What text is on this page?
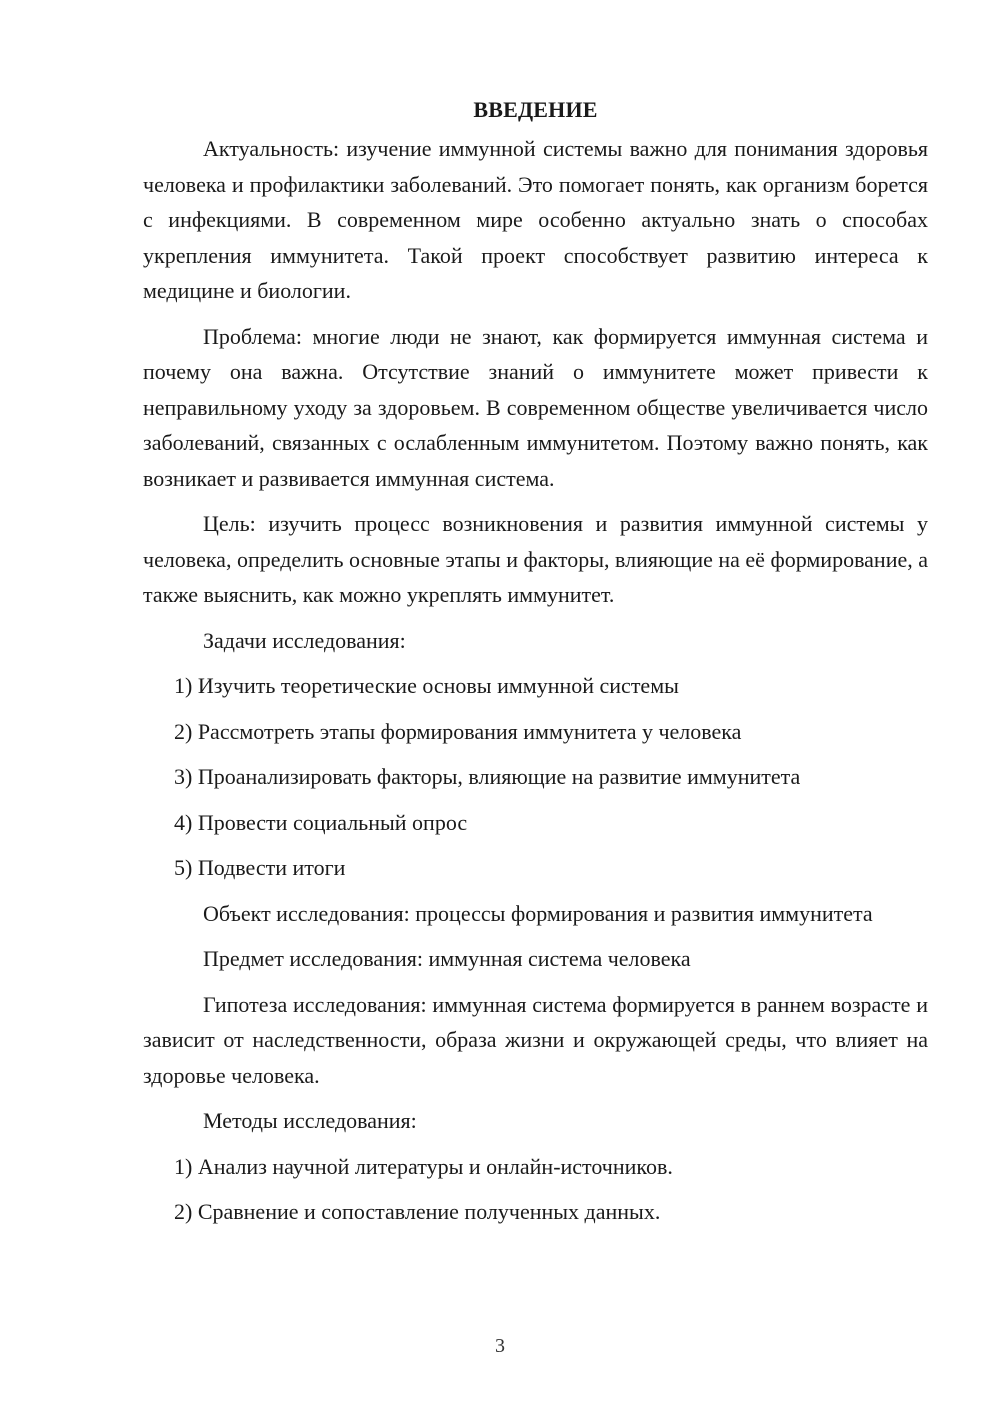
ВВЕДЕНИЕ

Актуальность: изучение иммунной системы важно для понимания здоровья человека и профилактики заболеваний. Это помогает понять, как организм борется с инфекциями. В современном мире особенно актуально знать о способах укрепления иммунитета. Такой проект способствует развитию интереса к медицине и биологии.

Проблема: многие люди не знают, как формируется иммунная система и почему она важна. Отсутствие знаний о иммунитете может привести к неправильному уходу за здоровьем. В современном обществе увеличивается число заболеваний, связанных с ослабленным иммунитетом. Поэтому важно понять, как возникает и развивается иммунная система.

Цель: изучить процесс возникновения и развития иммунной системы у человека, определить основные этапы и факторы, влияющие на её формирование, а также выяснить, как можно укреплять иммунитет.

Задачи исследования:

1) Изучить теоретические основы иммунной системы

2) Рассмотреть этапы формирования иммунитета у человека

3) Проанализировать факторы, влияющие на развитие иммунитета

4) Провести социальный опрос

5) Подвести итоги

Объект исследования: процессы формирования и развития иммунитета

Предмет исследования: иммунная система человека

Гипотеза исследования: иммунная система формируется в раннем возрасте и зависит от наследственности, образа жизни и окружающей среды, что влияет на здоровье человека.

Методы исследования:

1) Анализ научной литературы и онлайн-источников.

2) Сравнение и сопоставление полученных данных.

3
